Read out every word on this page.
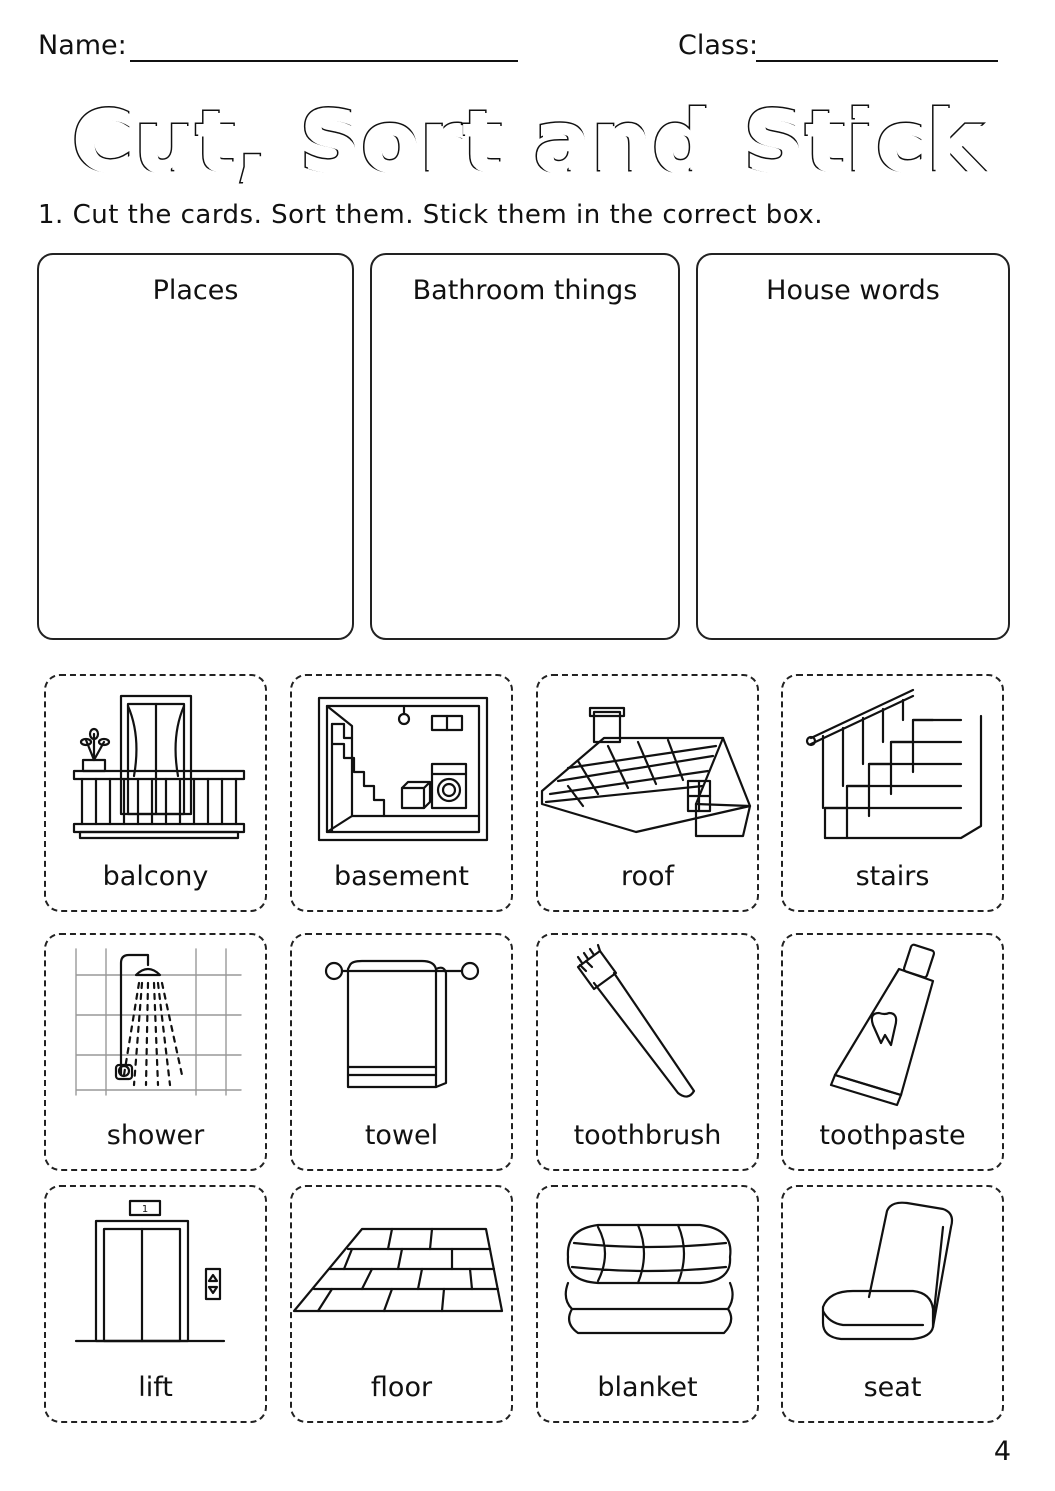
Name:	Class:
Cut, Sort and Stick
1. Cut the cards. Sort them. Stick them in the correct box.
Places	Bathroom things	House words
balcony	basement	roof	stairs
shower	towel	toothbrush	toothpaste
1
lift	floor	blanket	seat
4
